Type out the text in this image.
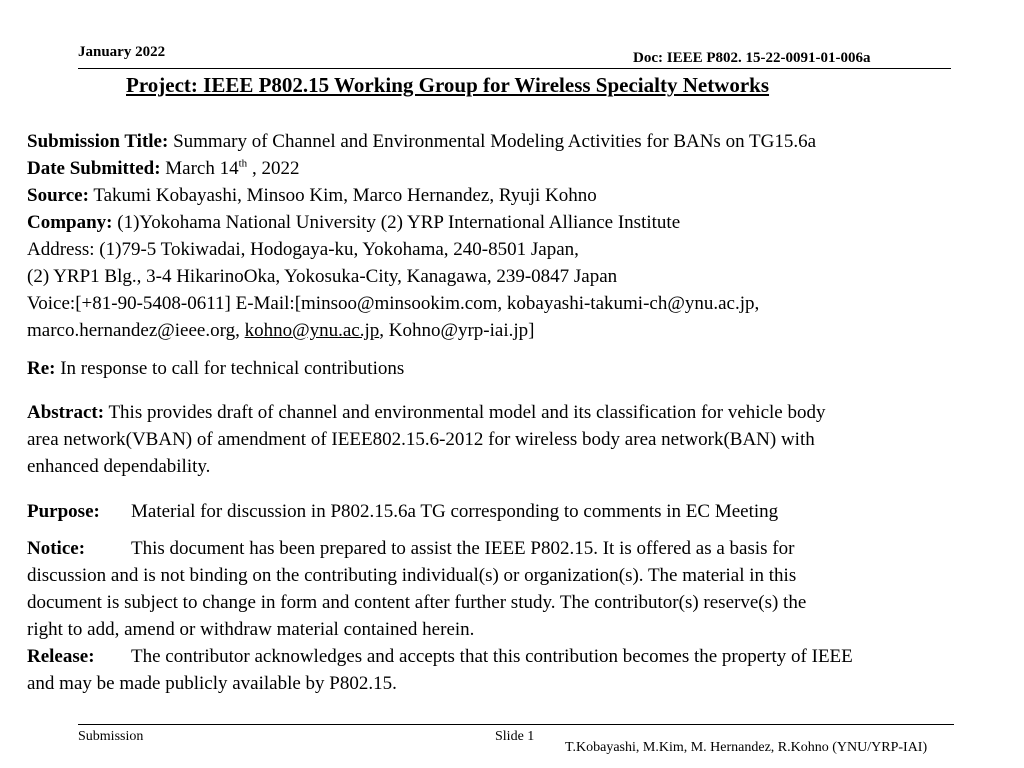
January 2022	Doc: IEEE P802. 15-22-0091-01-006a
Project: IEEE P802.15 Working Group for Wireless Specialty Networks
Submission Title: Summary of Channel and Environmental Modeling Activities for BANs on TG15.6a
Date Submitted: March 14th , 2022
Source: Takumi Kobayashi, Minsoo Kim, Marco Hernandez, Ryuji Kohno
Company: (1)Yokohama National University (2) YRP International Alliance Institute
Address: (1)79-5 Tokiwadai, Hodogaya-ku, Yokohama, 240-8501 Japan,
(2) YRP1 Blg., 3-4 HikarinoOka, Yokosuka-City, Kanagawa, 239-0847 Japan
Voice:[+81-90-5408-0611] E-Mail:[minsoo@minsookim.com, kobayashi-takumi-ch@ynu.ac.jp,
marco.hernandez@ieee.org, kohno@ynu.ac.jp, Kohno@yrp-iai.jp]
Re: In response to call for technical contributions
Abstract: This provides draft of channel and environmental model and its classification for vehicle body
area network(VBAN) of amendment of IEEE802.15.6-2012 for wireless body area network(BAN) with
enhanced dependability.
Purpose: Material for discussion in P802.15.6a TG corresponding to comments in EC Meeting
Notice: This document has been prepared to assist the IEEE P802.15. It is offered as a basis for
discussion and is not binding on the contributing individual(s) or organization(s). The material in this
document is subject to change in form and content after further study. The contributor(s) reserve(s) the
right to add, amend or withdraw material contained herein.
Release: The contributor acknowledges and accepts that this contribution becomes the property of IEEE
and may be made publicly available by P802.15.
Submission	Slide 1
T.Kobayashi, M.Kim, M. Hernandez, R.Kohno (YNU/YRP-IAI)
